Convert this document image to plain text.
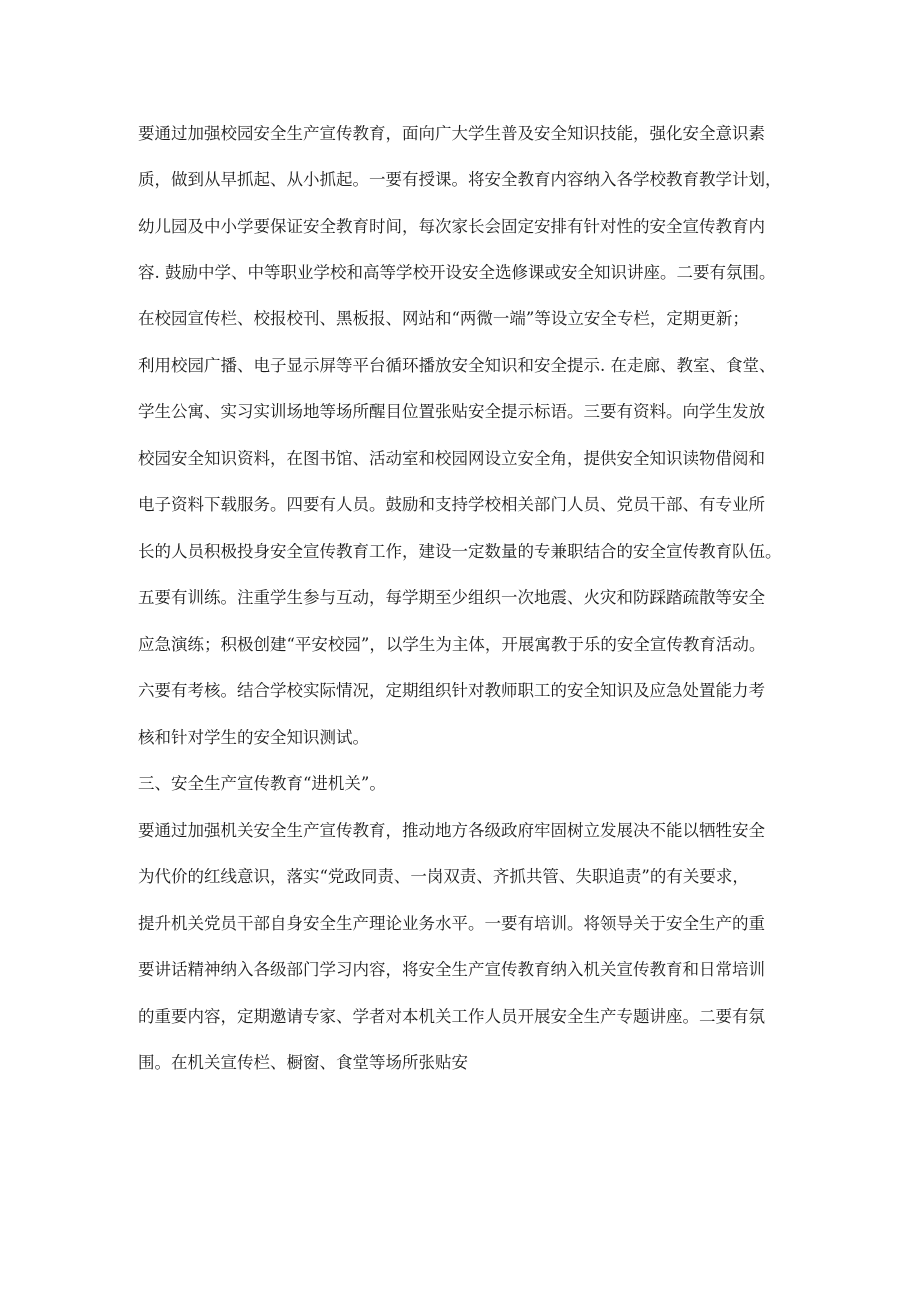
要通过加强校园安全生产宣传教育，面向广大学生普及安全知识技能，强化安全意识素
质，做到从早抓起、从小抓起。一要有授课。将安全教育内容纳入各学校教育教学计划，
幼儿园及中小学要保证安全教育时间，每次家长会固定安排有针对性的安全宣传教育内
容. 鼓励中学、中等职业学校和高等学校开设安全选修课或安全知识讲座。二要有氛围。
在校园宣传栏、校报校刊、黑板报、网站和“两微一端”等设立安全专栏，定期更新；
利用校园广播、电子显示屏等平台循环播放安全知识和安全提示. 在走廊、教室、食堂、
学生公寓、实习实训场地等场所醒目位置张贴安全提示标语。三要有资料。向学生发放
校园安全知识资料，在图书馆、活动室和校园网设立安全角，提供安全知识读物借阅和
电子资料下载服务。四要有人员。鼓励和支持学校相关部门人员、党员干部、有专业所
长的人员积极投身安全宣传教育工作，建设一定数量的专兼职结合的安全宣传教育队伍。
五要有训练。注重学生参与互动，每学期至少组织一次地震、火灾和防踩踏疏散等安全
应急演练；积极创建“平安校园”，以学生为主体，开展寓教于乐的安全宣传教育活动。
六要有考核。结合学校实际情况，定期组织针对教师职工的安全知识及应急处置能力考
核和针对学生的安全知识测试。
三、安全生产宣传教育“进机关”。
要通过加强机关安全生产宣传教育，推动地方各级政府牢固树立发展决不能以牺牲安全
为代价的红线意识，落实“党政同责、一岗双责、齐抓共管、失职追责”的有关要求，
提升机关党员干部自身安全生产理论业务水平。一要有培训。将领导关于安全生产的重
要讲话精神纳入各级部门学习内容，将安全生产宣传教育纳入机关宣传教育和日常培训
的重要内容，定期邀请专家、学者对本机关工作人员开展安全生产专题讲座。二要有氛
围。在机关宣传栏、橱窗、食堂等场所张贴安
